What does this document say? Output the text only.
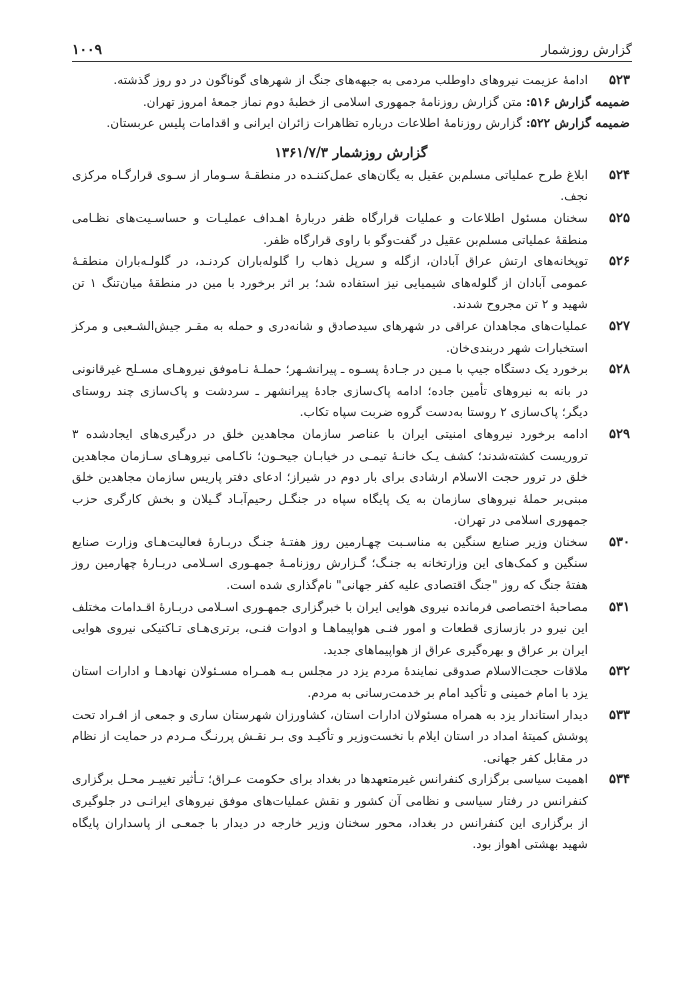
گزارش روزشمار
۱۰۰۹
۵۲۳
ادامهٔ عزیمت نیروهای داوطلب مردمی به جبهه‌های جنگ از شهرهای گوناگون در دو روز گذشته.
ضمیمه گزارش ۵۱۶: متن گزارش روزنامهٔ جمهوری اسلامی از خطبهٔ دوم نماز جمعهٔ امروز تهران.
ضمیمه گزارش ۵۲۲: گزارش روزنامهٔ اطلاعات درباره تظاهرات زائران ایرانی و اقدامات پلیس عربستان.
گزارش روزشمار ۱۳۶۱/۷/۳
۵۲۴
ابلاغ طرح عملیاتی مسلم‌بن عقیل به یگان‌های عمل‌کننـده در منطقـهٔ سـومار از سـوی قرارگـاه مرکزی نجف.
۵۲۵
سخنان مسئول اطلاعات و عملیات قرارگاه ظفر دربارهٔ اهـداف عملیـات و حساسـیت‌های نظـامی منطقهٔ عملیاتی مسلم‌بن عقیل در گفت‌وگو با راوی قرارگاه ظفر.
۵۲۶
توپخانه‌های ارتش عراق آبادان، ازگله و سرپل ذهاب را گلوله‌باران کردنـد، در گلولـه‌باران منطقـهٔ عمومی آبادان از گلوله‌های شیمیایی نیز استفاده شد؛ بر اثر برخورد با مین در منطقهٔ میان‌تنگ ۱ تن شهید و ۲ تن مجروح شدند.
۵۲۷
عملیات‌های مجاهدان عراقی در شهرهای سیدصادق و شانه‌دری و حمله به مقـر جیش‌الشـعبی و مرکز استخبارات شهر دربندی‌خان.
۵۲۸
برخورد یک دستگاه جیپ با مـین در جـادهٔ پسـوه ـ پیرانشـهر؛ حملـهٔ نـاموفق نیروهـای مسـلح غیرقانونی در بانه به نیروهای تأمین جاده؛ ادامه پاک‌سازی جادهٔ پیرانشهر ـ سردشت و پاک‌سازی چند روستای دیگر؛ پاک‌سازی ۲ روستا به‌دست گروه ضربت سپاه تکاب.
۵۲۹
ادامه برخورد نیروهای امنیتی ایران با عناصر سازمان مجاهدین خلق در درگیری‌های ایجادشده ۳ تروریست کشته‌شدند؛ کشف یـک خانـهٔ تیمـی در خیابـان جیحـون؛ ناکـامی نیروهـای سـازمان مجاهدین خلق در ترور حجت الاسلام ارشادی برای بار دوم در شیراز؛ ادعای دفتر پاریس سازمان مجاهدین خلق مبنی‌بر حملهٔ نیروهای سازمان به یک پایگاه سپاه در جنگـل رحیم‌آبـاد گـیلان و بخش کارگری حزب جمهوری اسلامی در تهران.
۵۳۰
سخنان وزیر صنایع سنگین به مناسـبت چهـارمین روز هفتـهٔ جنـگ دربـارهٔ فعالیت‌هـای وزارت صنایع سنگین و کمک‌های این وزارتخانه به جنـگ؛ گـزارش روزنامـهٔ جمهـوری اسـلامی دربـارهٔ چهارمین روز هفتهٔ جنگ که روز "جنگ اقتصادی علیه کفر جهانی" نام‌گذاری شده است.
۵۳۱
مصاحبهٔ اختصاصی فرمانده نیروی هوایی ایران با خبرگزاری جمهـوری اسـلامی دربـارهٔ اقـدامات مختلف این نیرو در بازسازی قطعات و امور فنـی هواپیماهـا و ادوات فنـی، برتری‌هـای تـاکتیکی نیروی هوایی ایران بر عراق و بهره‌گیری عراق از هواپیماهای جدید.
۵۳۲
ملاقات حجت‌الاسلام صدوقی نمایندهٔ مردم یزد در مجلس بـه همـراه مسـئولان نهادهـا و ادارات استان یزد با امام خمینی و تأکید امام بر خدمت‌رسانی به مردم.
۵۳۳
دیدار استاندار یزد به همراه مسئولان ادارات استان، کشاورزان شهرستان ساری و جمعی از افـراد تحت پوشش کمیتهٔ امداد در استان ایلام با نخست‌وزیر و تأکیـد وی بـر نقـش پررنـگ مـردم در حمایت از نظام در مقابل کفر جهانی.
۵۳۴
اهمیت سیاسی برگزاری کنفرانس غیرمتعهدها در بغداد برای حکومت عـراق؛ تـأثیر تغییـر محـل برگزاری کنفرانس در رفتار سیاسی و نظامی آن کشور و نقش عملیات‌های موفق نیروهای ایرانـی در جلوگیری از برگزاری این کنفرانس در بغداد، محور سخنان وزیر خارجه در دیدار با جمعـی از پاسداران پایگاه شهید بهشتی اهواز بود.
